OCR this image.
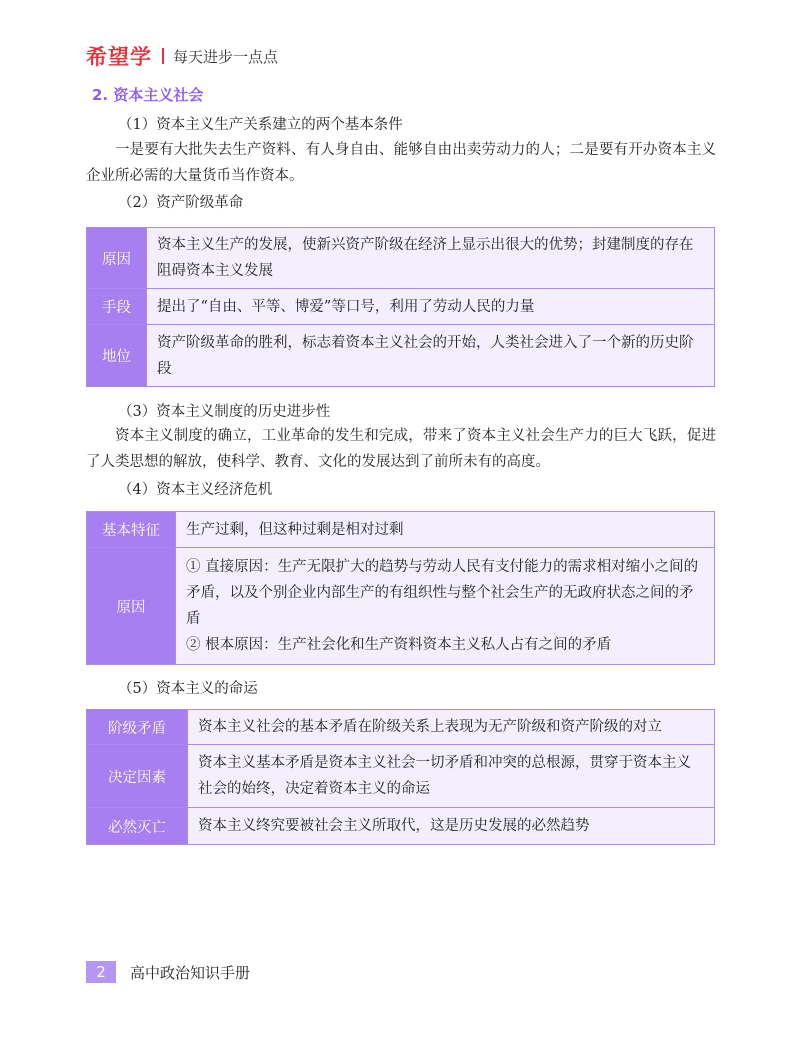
希望学 每天进步一点点
2. 资本主义社会
（1）资本主义生产关系建立的两个基本条件
一是要有大批失去生产资料、有人身自由、能够自由出卖劳动力的人；二是要有开办资本主义企业所必需的大量货币当作资本。
（2）资产阶级革命
原因	资本主义生产的发展，使新兴资产阶级在经济上显示出很大的优势；封建制度的存在阻碍资本主义发展
手段	提出了“自由、平等、博爱”等口号，利用了劳动人民的力量
地位	资产阶级革命的胜利，标志着资本主义社会的开始，人类社会进入了一个新的历史阶段
（3）资本主义制度的历史进步性
资本主义制度的确立，工业革命的发生和完成，带来了资本主义社会生产力的巨大飞跃，促进了人类思想的解放，使科学、教育、文化的发展达到了前所未有的高度。
（4）资本主义经济危机
基本特征	生产过剩，但这种过剩是相对过剩
原因	① 直接原因：生产无限扩大的趋势与劳动人民有支付能力的需求相对缩小之间的矛盾，以及个别企业内部生产的有组织性与整个社会生产的无政府状态之间的矛盾
② 根本原因：生产社会化和生产资料资本主义私人占有之间的矛盾
（5）资本主义的命运
阶级矛盾	资本主义社会的基本矛盾在阶级关系上表现为无产阶级和资产阶级的对立
决定因素	资本主义基本矛盾是资本主义社会一切矛盾和冲突的总根源，贯穿于资本主义社会的始终，决定着资本主义的命运
必然灭亡	资本主义终究要被社会主义所取代，这是历史发展的必然趋势
2	高中政治知识手册
